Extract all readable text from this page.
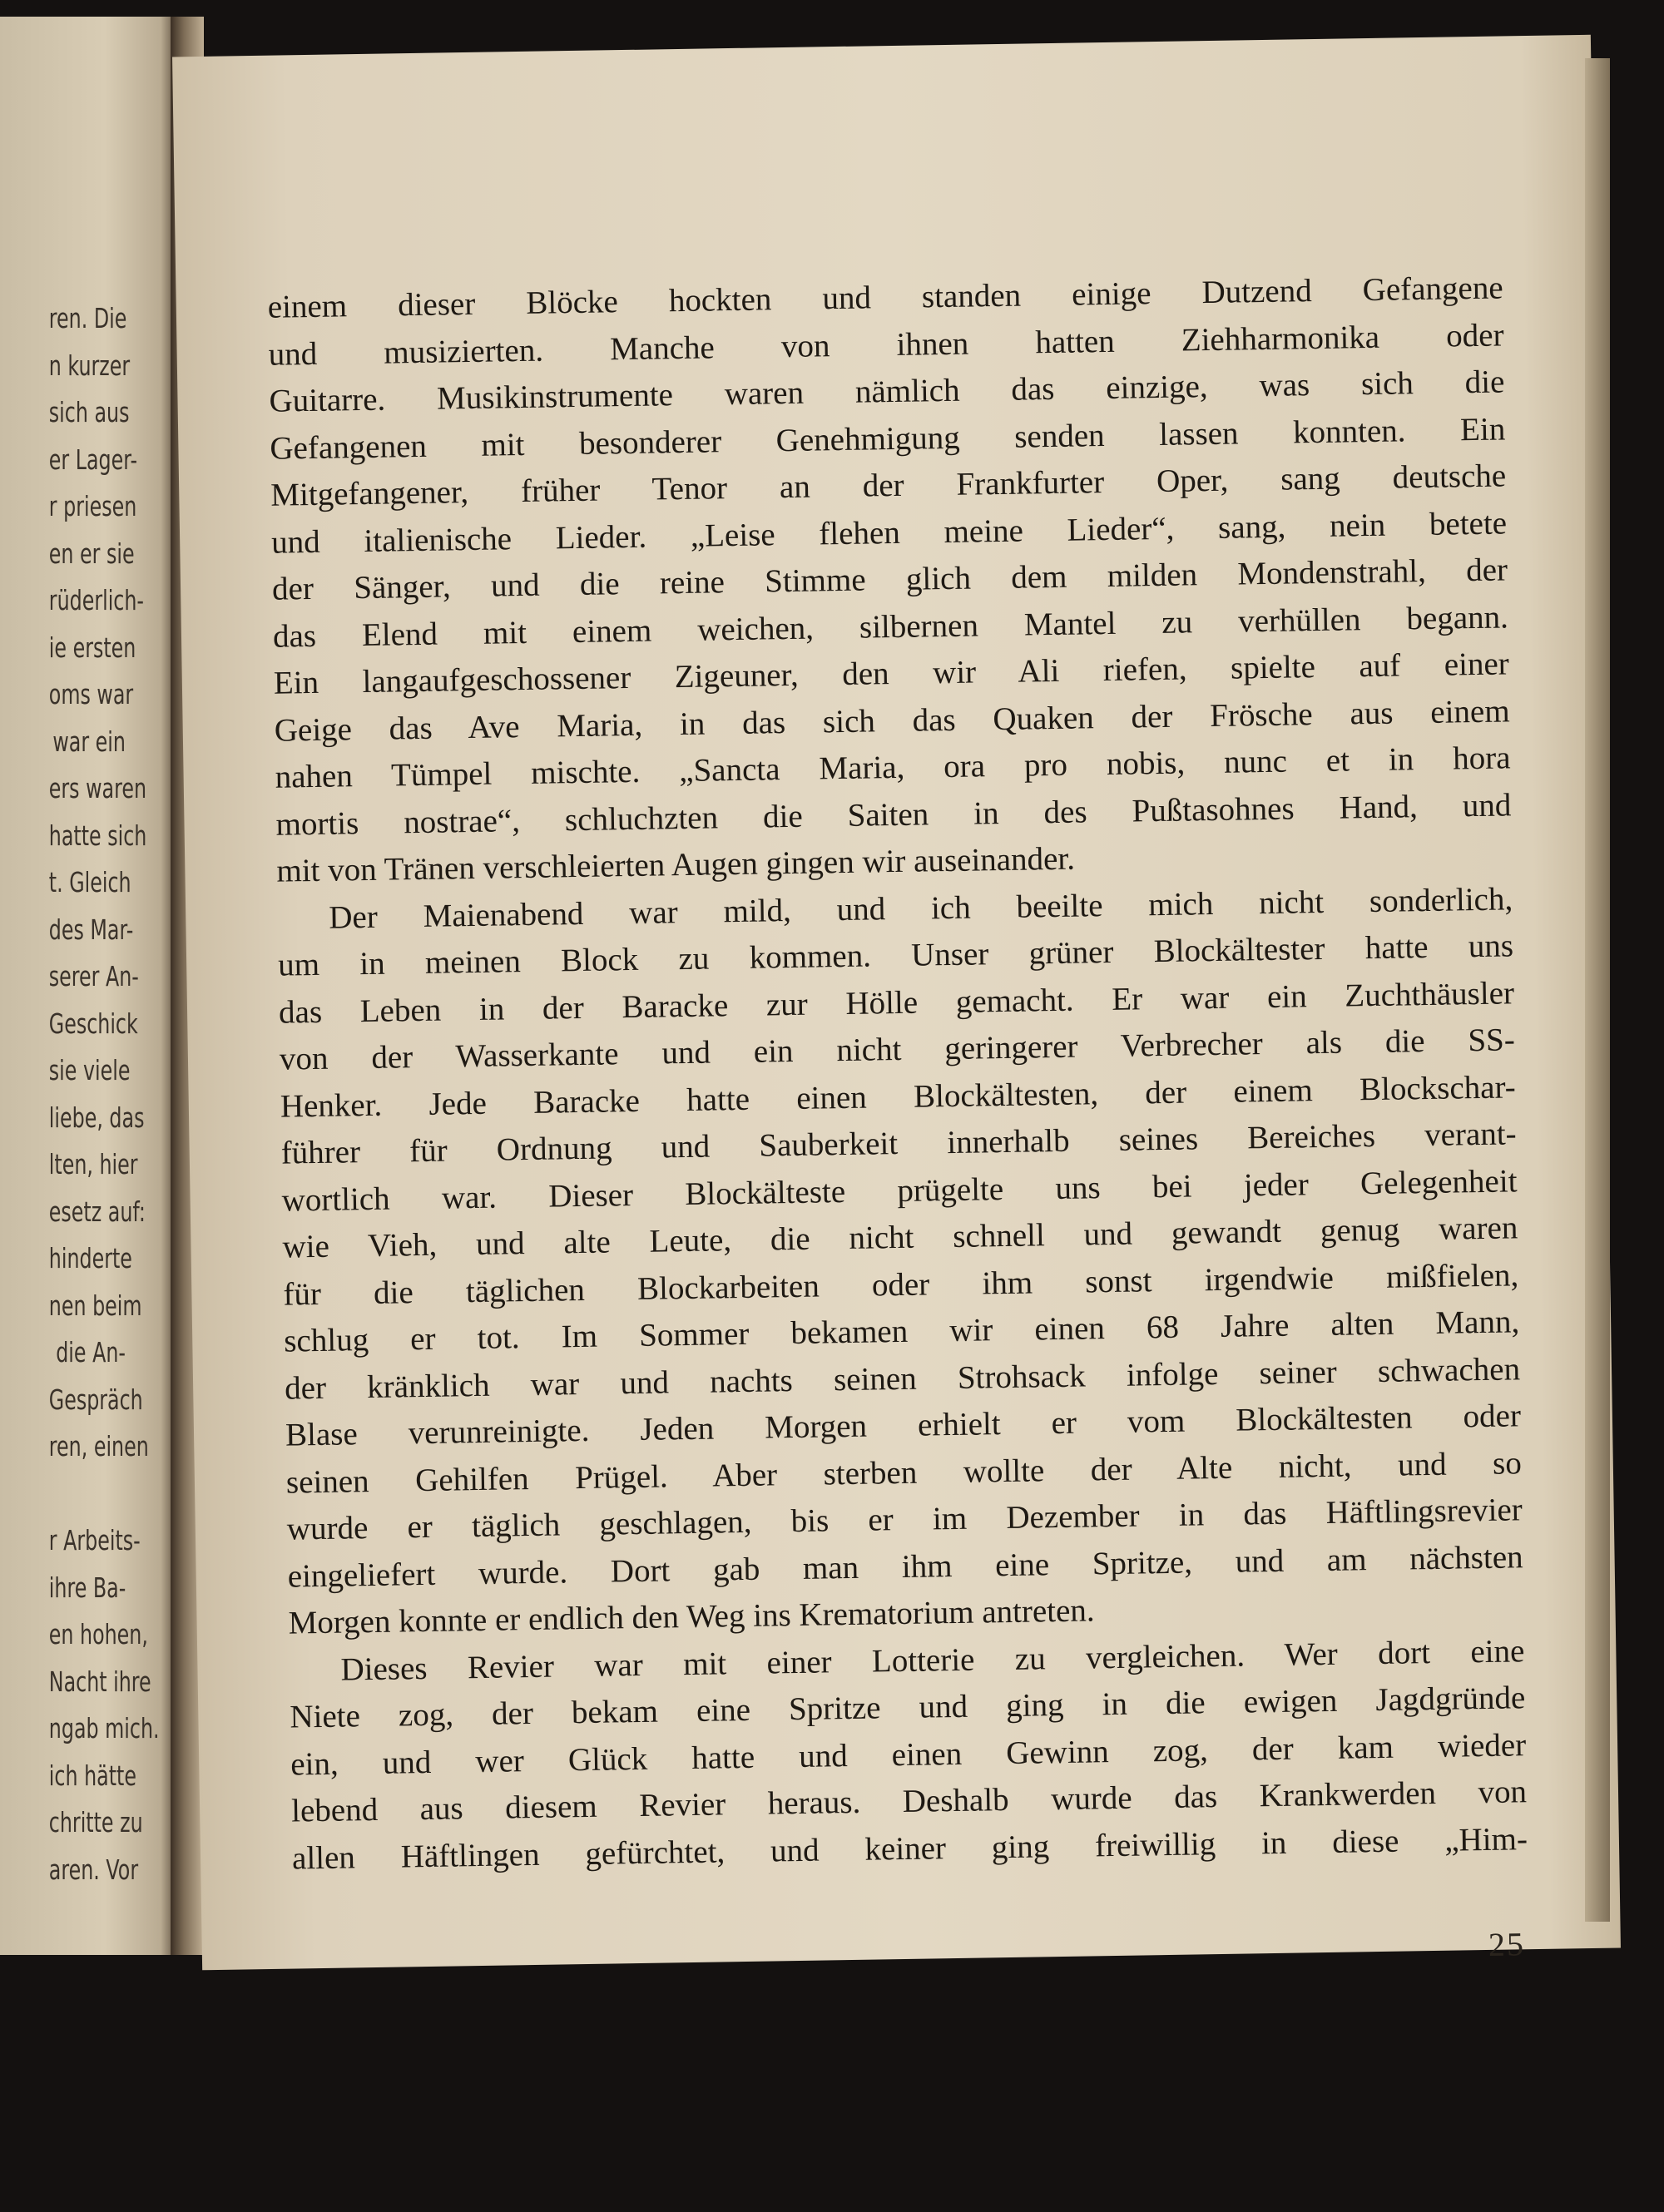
ren. Die
n kurzer
sich aus
er Lager-
r priesen
en er sie
rüderlich-
ie ersten
oms war
war ein
ers waren
hatte sich
t. Gleich
des Mar-
serer An-
Geschick
sie viele
liebe, das
lten, hier
esetz auf:
hinderte
nen beim
die An-
Gespräch
ren, einen
r Arbeits-
ihre Ba-
en hohen,
Nacht ihre
ngab mich.
ich hätte
chritte zu
aren. Vor

einem dieser Blöcke hockten und standen einige Dutzend Gefangene

und musizierten. Manche von ihnen hatten Ziehharmonika oder

Guitarre. Musikinstrumente waren nämlich das einzige, was sich die

Gefangenen mit besonderer Genehmigung senden lassen konnten. Ein

Mitgefangener, früher Tenor an der Frankfurter Oper, sang deutsche

und italienische Lieder. „Leise flehen meine Lieder“, sang, nein betete

der Sänger, und die reine Stimme glich dem milden Mondenstrahl, der

das Elend mit einem weichen, silbernen Mantel zu verhüllen begann.

Ein langaufgeschossener Zigeuner, den wir Ali riefen, spielte auf einer

Geige das Ave Maria, in das sich das Quaken der Frösche aus einem

nahen Tümpel mischte. „Sancta Maria, ora pro nobis, nunc et in hora

mortis nostrae“, schluchzten die Saiten in des Pußtasohnes Hand, und

mit von Tränen verschleierten Augen gingen wir auseinander.

Der Maienabend war mild, und ich beeilte mich nicht sonderlich,

um in meinen Block zu kommen. Unser grüner Blockältester hatte uns

das Leben in der Baracke zur Hölle gemacht. Er war ein Zuchthäusler

von der Wasserkante und ein nicht geringerer Verbrecher als die SS-

Henker. Jede Baracke hatte einen Blockältesten, der einem Blockschar-

führer für Ordnung und Sauberkeit innerhalb seines Bereiches verant-

wortlich war. Dieser Blockälteste prügelte uns bei jeder Gelegenheit

wie Vieh, und alte Leute, die nicht schnell und gewandt genug waren

für die täglichen Blockarbeiten oder ihm sonst irgendwie mißfielen,

schlug er tot. Im Sommer bekamen wir einen 68 Jahre alten Mann,

der kränklich war und nachts seinen Strohsack infolge seiner schwachen

Blase verunreinigte. Jeden Morgen erhielt er vom Blockältesten oder

seinen Gehilfen Prügel. Aber sterben wollte der Alte nicht, und so

wurde er täglich geschlagen, bis er im Dezember in das Häftlingsrevier

eingeliefert wurde. Dort gab man ihm eine Spritze, und am nächsten

Morgen konnte er endlich den Weg ins Krematorium antreten.

Dieses Revier war mit einer Lotterie zu vergleichen. Wer dort eine

Niete zog, der bekam eine Spritze und ging in die ewigen Jagdgründe

ein, und wer Glück hatte und einen Gewinn zog, der kam wieder

lebend aus diesem Revier heraus. Deshalb wurde das Krankwerden von

allen Häftlingen gefürchtet, und keiner ging freiwillig in diese „Him-

25
